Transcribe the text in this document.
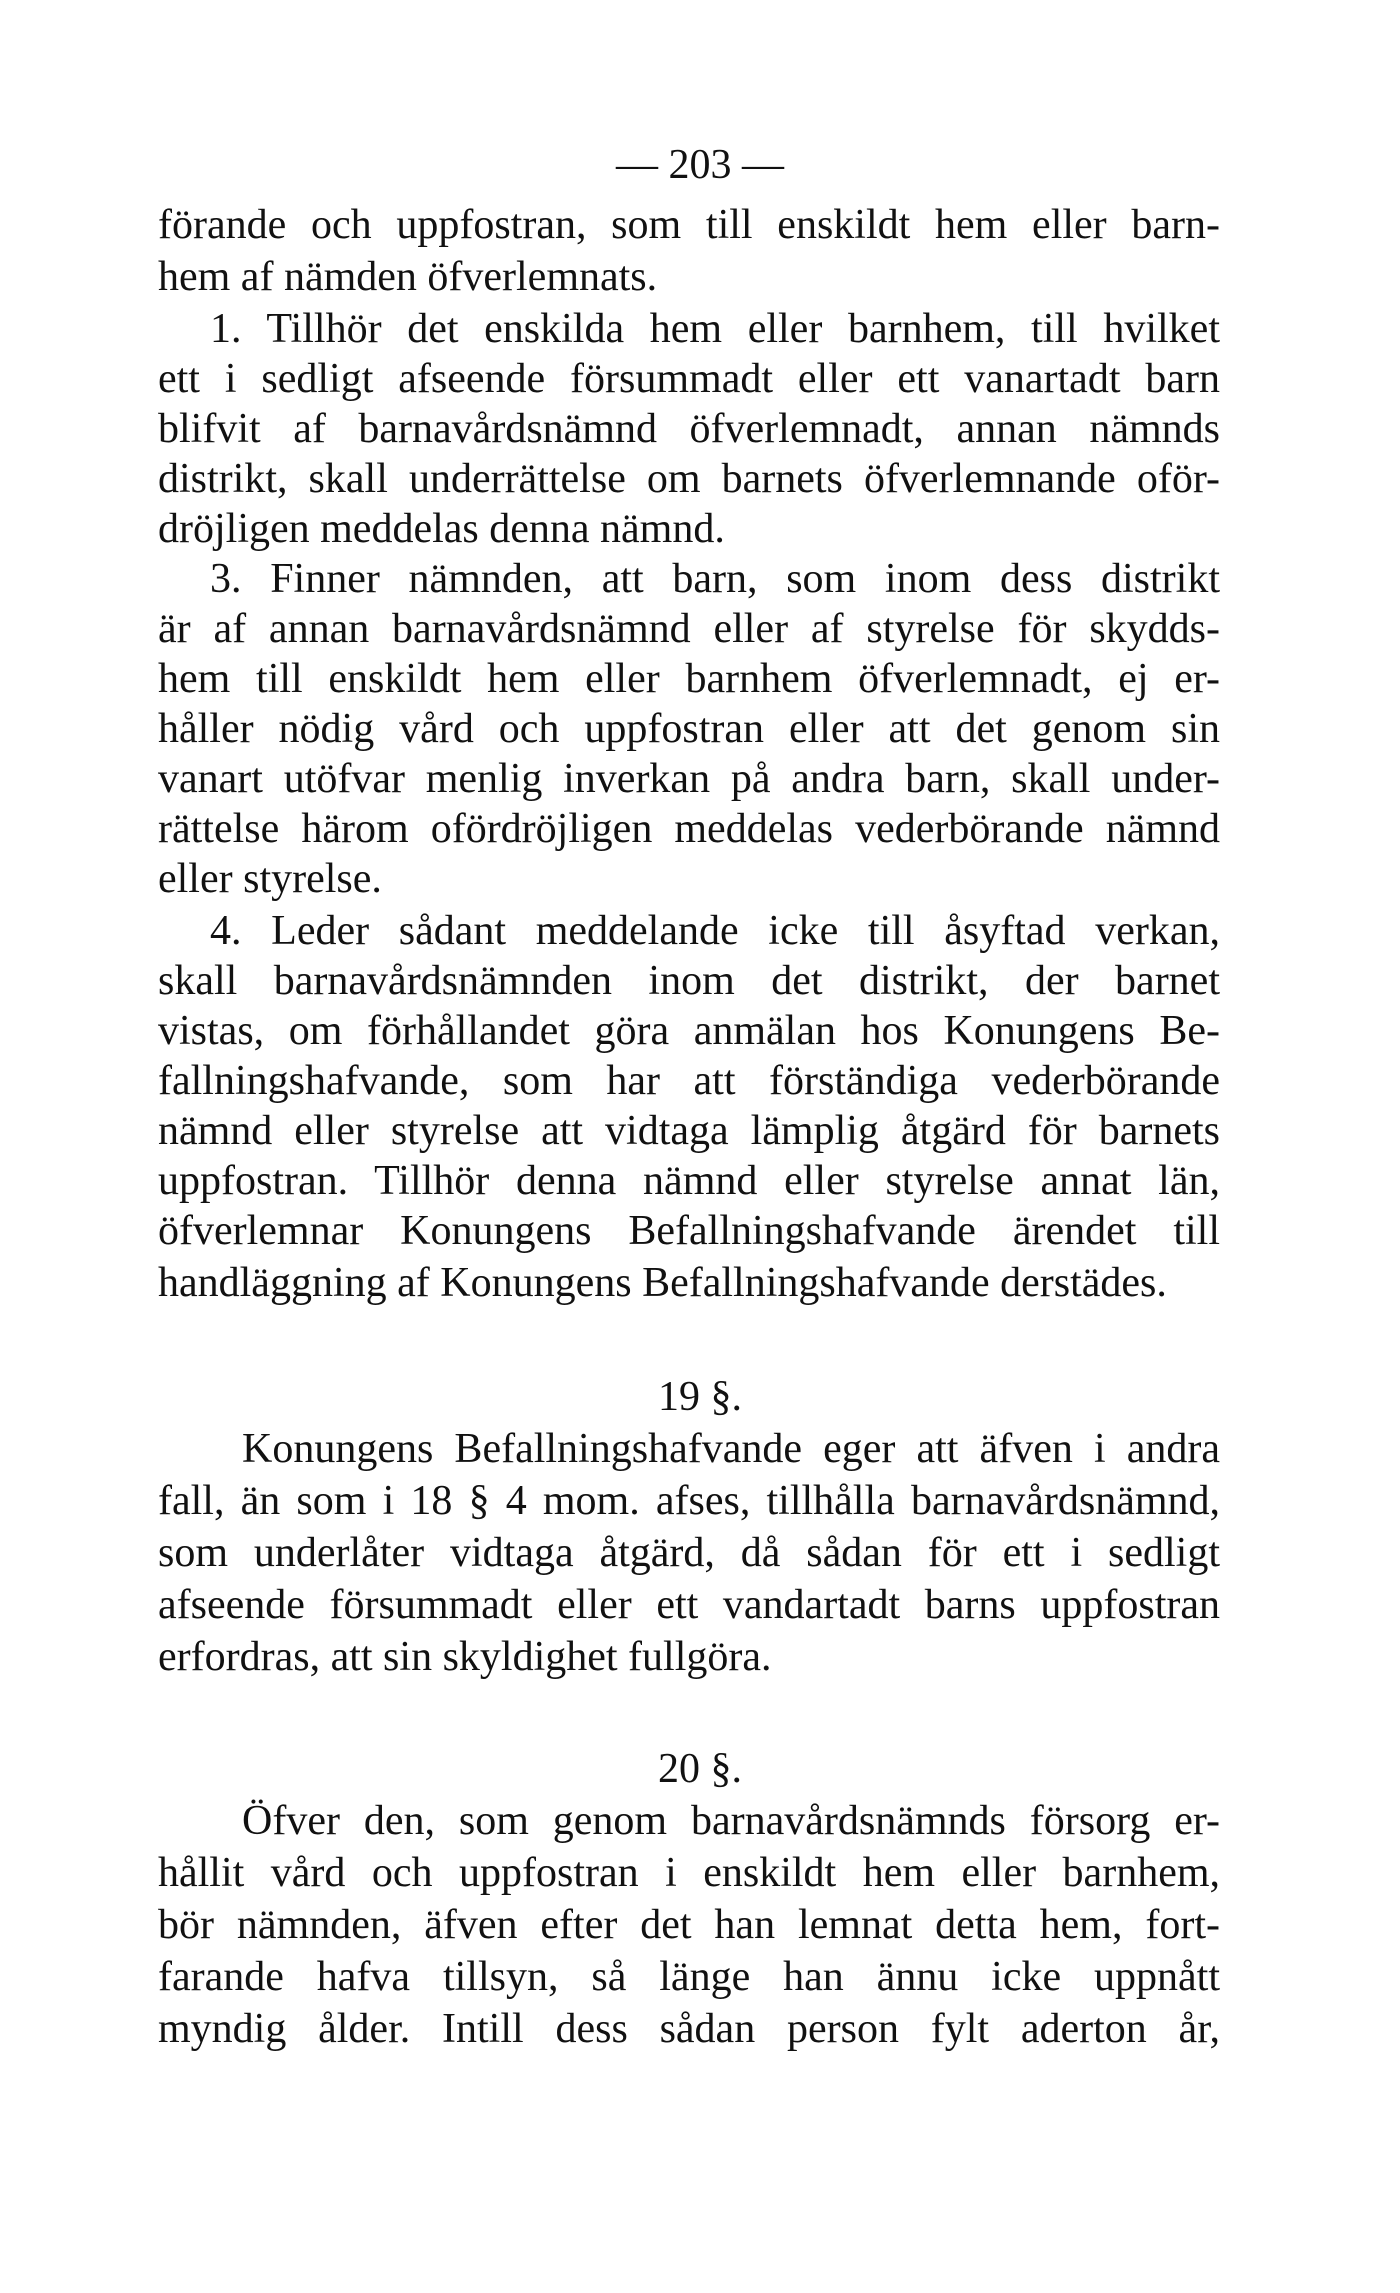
— 203 —
förande och uppfostran, som till enskildt hem eller barn-
hem af nämden öfverlemnats.
1. Tillhör det enskilda hem eller barnhem, till hvilket
ett i sedligt afseende försummadt eller ett vanartadt barn
blifvit af barnavårdsnämnd öfverlemnadt, annan nämnds
distrikt, skall underrättelse om barnets öfverlemnande oför-
dröjligen meddelas denna nämnd.
3. Finner nämnden, att barn, som inom dess distrikt
är af annan barnavårdsnämnd eller af styrelse för skydds-
hem till enskildt hem eller barnhem öfverlemnadt, ej er-
håller nödig vård och uppfostran eller att det genom sin
vanart utöfvar menlig inverkan på andra barn, skall under-
rättelse härom ofördröjligen meddelas vederbörande nämnd
eller styrelse.
4. Leder sådant meddelande icke till åsyftad verkan,
skall barnavårdsnämnden inom det distrikt, der barnet
vistas, om förhållandet göra anmälan hos Konungens Be-
fallningshafvande, som har att förständiga vederbörande
nämnd eller styrelse att vidtaga lämplig åtgärd för barnets
uppfostran. Tillhör denna nämnd eller styrelse annat län,
öfverlemnar Konungens Befallningshafvande ärendet till
handläggning af Konungens Befallningshafvande derstädes.
19 §.
Konungens Befallningshafvande eger att äfven i andra
fall, än som i 18 § 4 mom. afses, tillhålla barnavårdsnämnd,
som underlåter vidtaga åtgärd, då sådan för ett i sedligt
afseende försummadt eller ett vandartadt barns uppfostran
erfordras, att sin skyldighet fullgöra.
20 §.
Öfver den, som genom barnavårdsnämnds försorg er-
hållit vård och uppfostran i enskildt hem eller barnhem,
bör nämnden, äfven efter det han lemnat detta hem, fort-
farande hafva tillsyn, så länge han ännu icke uppnått
myndig ålder. Intill dess sådan person fylt aderton år,
